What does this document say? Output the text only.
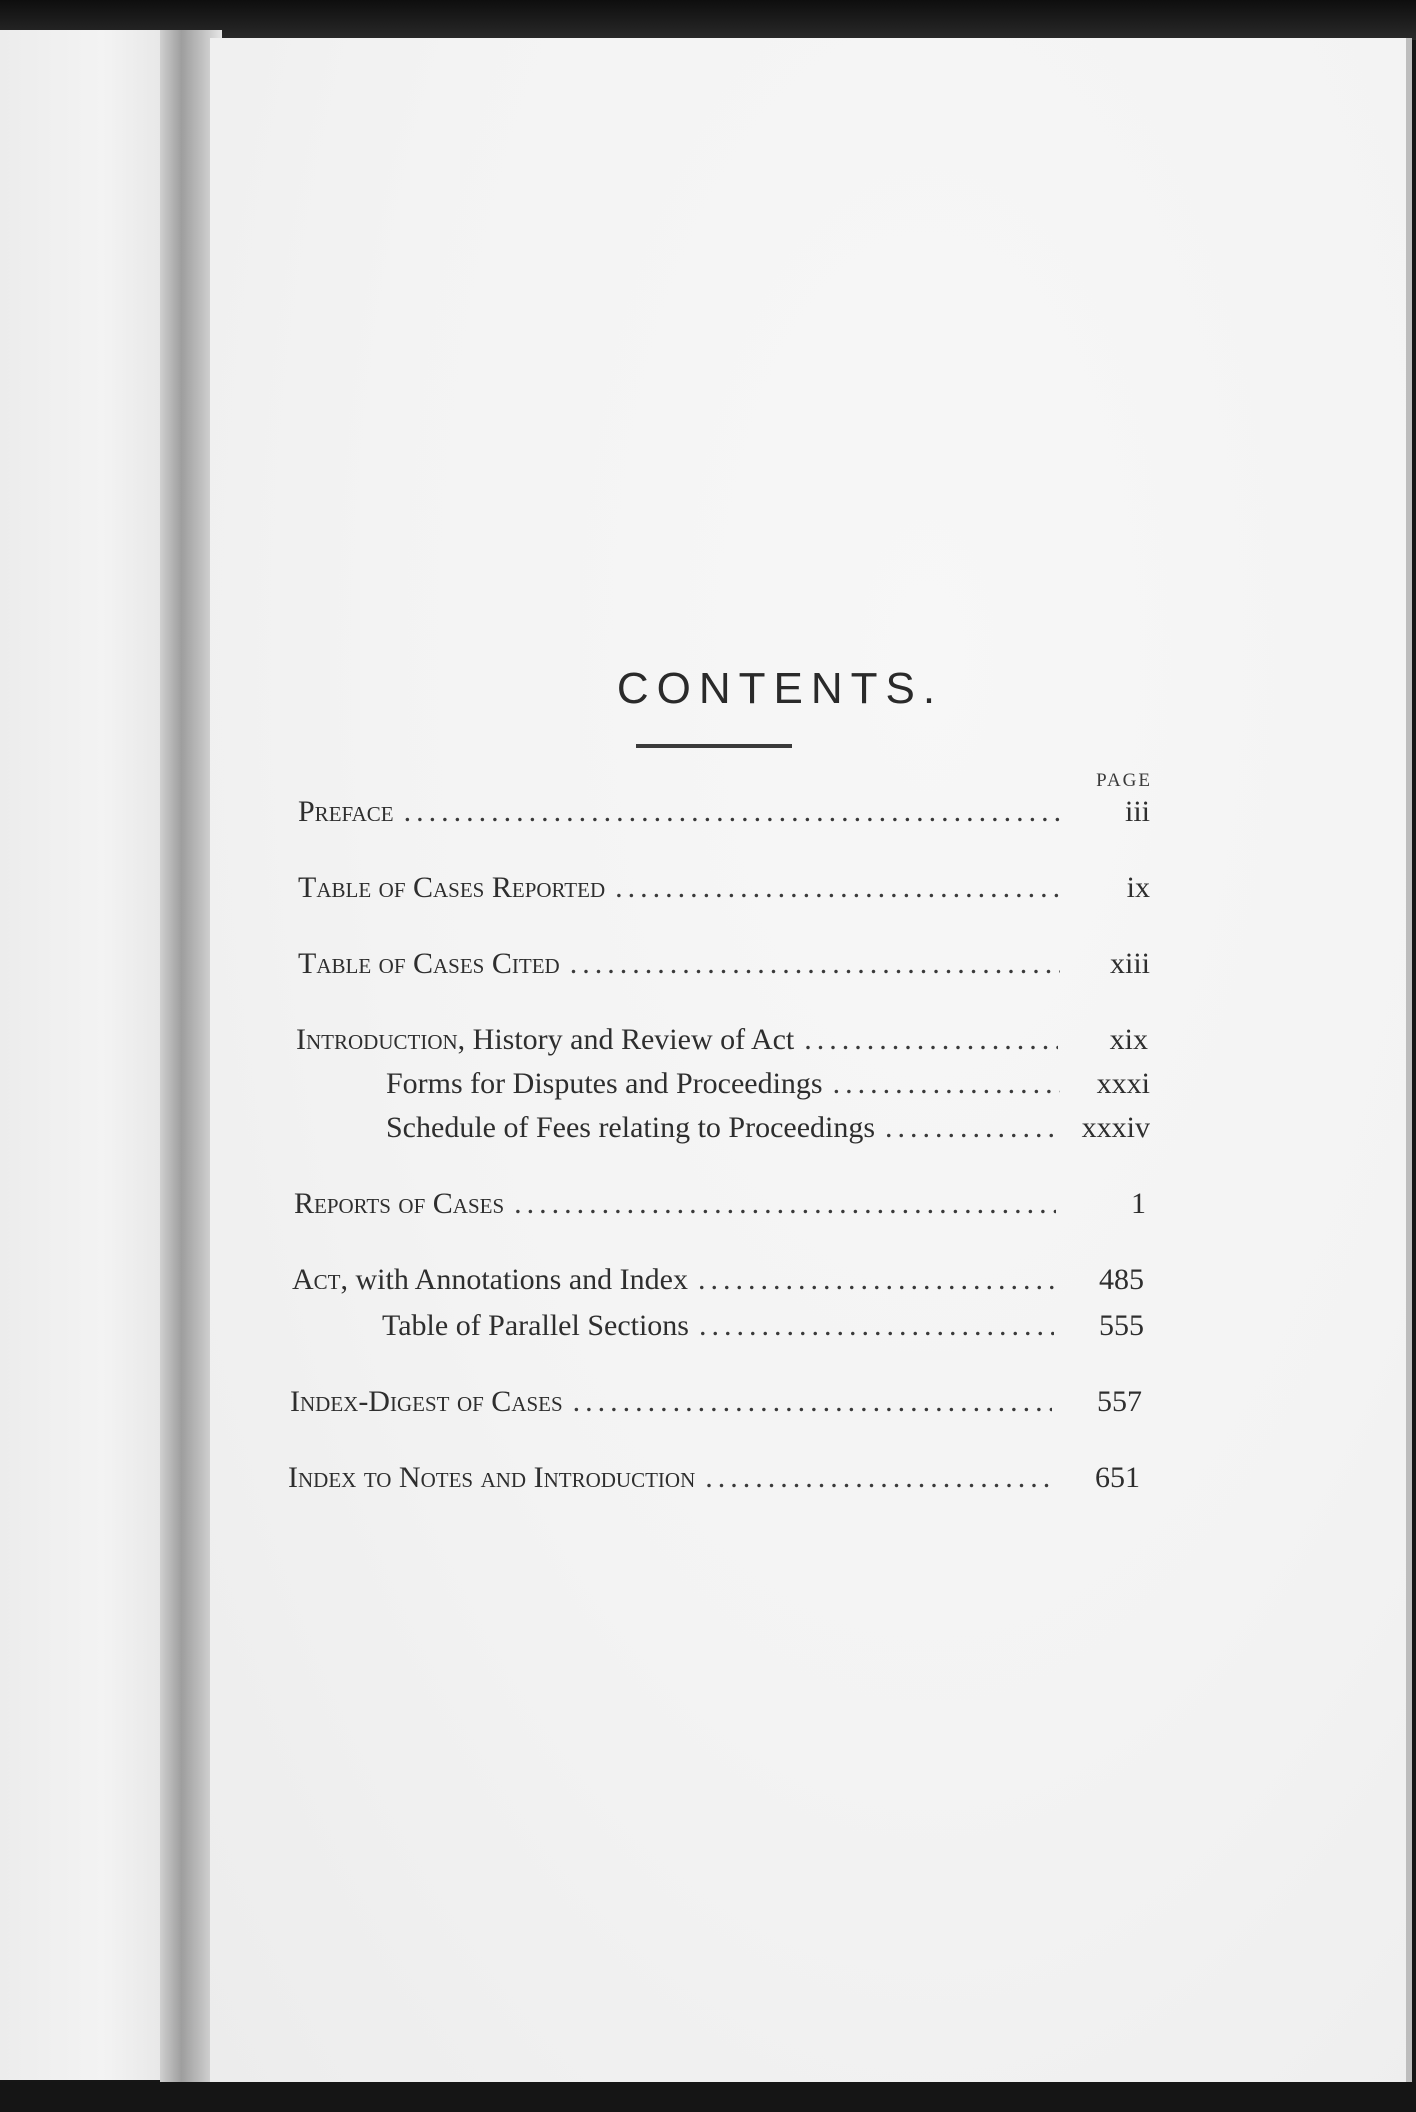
CONTENTS.
PAGE
Preface .....	iii
Table of Cases Reported .....	ix
Table of Cases Cited .....	xiii
Introduction, History and Review of Act .....	xix
Forms for Disputes and Proceedings .....	xxxi
Schedule of Fees relating to Proceedings .....	xxxiv
Reports of Cases .....	1
Act, with Annotations and Index .....	485
Table of Parallel Sections .....	555
Index-Digest of Cases .....	557
Index to Notes and Introduction .....	651
